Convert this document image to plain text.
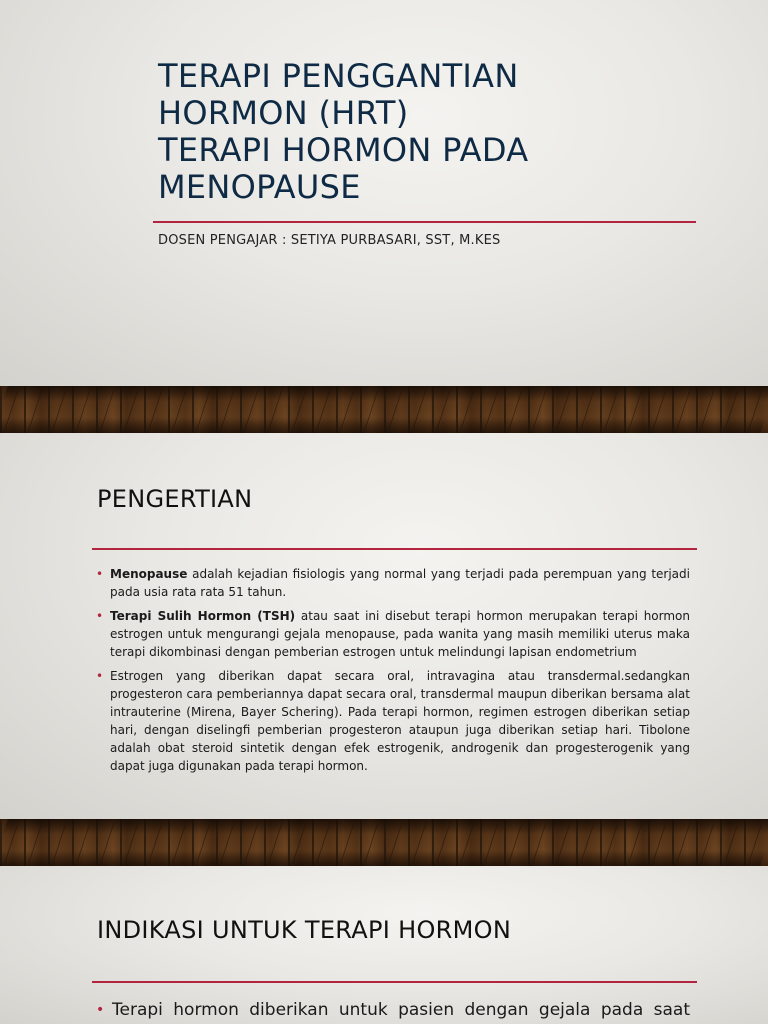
TERAPI PENGGANTIAN
HORMON (HRT)
TERAPI HORMON PADA
MENOPAUSE
DOSEN PENGAJAR : SETIYA PURBASARI, SST, M.KES
PENGERTIAN
• Menopause adalah kejadian fisiologis yang normal yang terjadi pada perempuan yang terjadi pada usia rata rata 51 tahun.
• Terapi Sulih Hormon (TSH) atau saat ini disebut terapi hormon merupakan terapi hormon estrogen untuk mengurangi gejala menopause, pada wanita yang masih memiliki uterus maka terapi dikombinasi dengan pemberian estrogen untuk melindungi lapisan endometrium
• Estrogen yang diberikan dapat secara oral, intravagina atau transdermal.sedangkan progesteron cara pemberiannya dapat secara oral, transdermal maupun diberikan bersama alat intrauterine (Mirena, Bayer Schering). Pada terapi hormon, regimen estrogen diberikan setiap hari, dengan diselingfi pemberian progesteron ataupun juga diberikan setiap hari. Tibolone adalah obat steroid sintetik dengan efek estrogenik, androgenik dan progesterogenik yang dapat juga digunakan pada terapi hormon.
INDIKASI UNTUK TERAPI HORMON
• Terapi hormon diberikan untuk pasien dengan gejala pada saat
